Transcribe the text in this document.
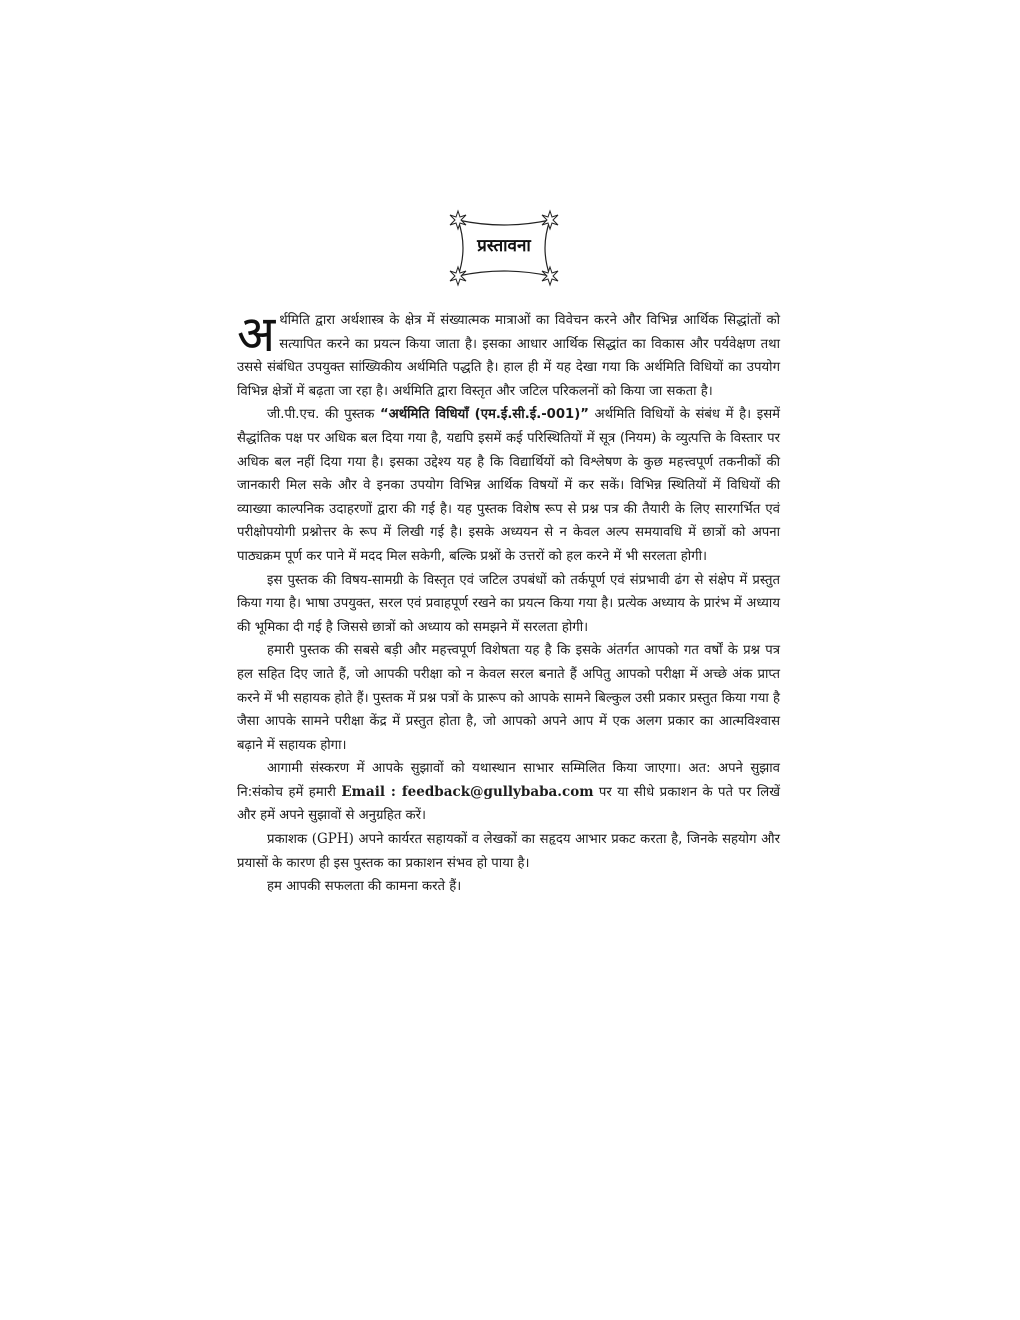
प्रस्तावना

अर्थमिति द्वारा अर्थशास्त्र के क्षेत्र में संख्यात्मक मात्राओं का विवेचन करने और विभिन्न आर्थिक सिद्धांतों को सत्यापित करने का प्रयत्न किया जाता है। इसका आधार आर्थिक सिद्धांत का विकास और पर्यवेक्षण तथा उससे संबंधित उपयुक्त सांख्यिकीय अर्थमिति पद्धति है। हाल ही में यह देखा गया कि अर्थमिति विधियों का उपयोग विभिन्न क्षेत्रों में बढ़ता जा रहा है। अर्थमिति द्वारा विस्तृत और जटिल परिकलनों को किया जा सकता है।

जी.पी.एच. की पुस्तक “अर्थमिति विधियाँ (एम.ई.सी.ई.-001)” अर्थमिति विधियों के संबंध में है। इसमें सैद्धांतिक पक्ष पर अधिक बल दिया गया है, यद्यपि इसमें कई परिस्थितियों में सूत्र (नियम) के व्युत्पत्ति के विस्तार पर अधिक बल नहीं दिया गया है। इसका उद्देश्य यह है कि विद्यार्थियों को विश्लेषण के कुछ महत्त्वपूर्ण तकनीकों की जानकारी मिल सके और वे इनका उपयोग विभिन्न आर्थिक विषयों में कर सकें। विभिन्न स्थितियों में विधियों की व्याख्या काल्पनिक उदाहरणों द्वारा की गई है। यह पुस्तक विशेष रूप से प्रश्न पत्र की तैयारी के लिए सारगर्भित एवं परीक्षोपयोगी प्रश्नोत्तर के रूप में लिखी गई है। इसके अध्ययन से न केवल अल्प समयावधि में छात्रों को अपना पाठ्यक्रम पूर्ण कर पाने में मदद मिल सकेगी, बल्कि प्रश्नों के उत्तरों को हल करने में भी सरलता होगी।

इस पुस्तक की विषय-सामग्री के विस्तृत एवं जटिल उपबंधों को तर्कपूर्ण एवं संप्रभावी ढंग से संक्षेप में प्रस्तुत किया गया है। भाषा उपयुक्त, सरल एवं प्रवाहपूर्ण रखने का प्रयत्न किया गया है। प्रत्येक अध्याय के प्रारंभ में अध्याय की भूमिका दी गई है जिससे छात्रों को अध्याय को समझने में सरलता होगी।

हमारी पुस्तक की सबसे बड़ी और महत्त्वपूर्ण विशेषता यह है कि इसके अंतर्गत आपको गत वर्षों के प्रश्न पत्र हल सहित दिए जाते हैं, जो आपकी परीक्षा को न केवल सरल बनाते हैं अपितु आपको परीक्षा में अच्छे अंक प्राप्त करने में भी सहायक होते हैं। पुस्तक में प्रश्न पत्रों के प्रारूप को आपके सामने बिल्कुल उसी प्रकार प्रस्तुत किया गया है जैसा आपके सामने परीक्षा केंद्र में प्रस्तुत होता है, जो आपको अपने आप में एक अलग प्रकार का आत्मविश्वास बढ़ाने में सहायक होगा।

आगामी संस्करण में आपके सुझावों को यथास्थान साभार सम्मिलित किया जाएगा। अत: अपने सुझाव नि:संकोच हमें हमारी Email : feedback@gullybaba.com पर या सीधे प्रकाशन के पते पर लिखें और हमें अपने सुझावों से अनुग्रहित करें।

प्रकाशक (GPH) अपने कार्यरत सहायकों व लेखकों का सहृदय आभार प्रकट करता है, जिनके सहयोग और प्रयासों के कारण ही इस पुस्तक का प्रकाशन संभव हो पाया है।

हम आपकी सफलता की कामना करते हैं।
